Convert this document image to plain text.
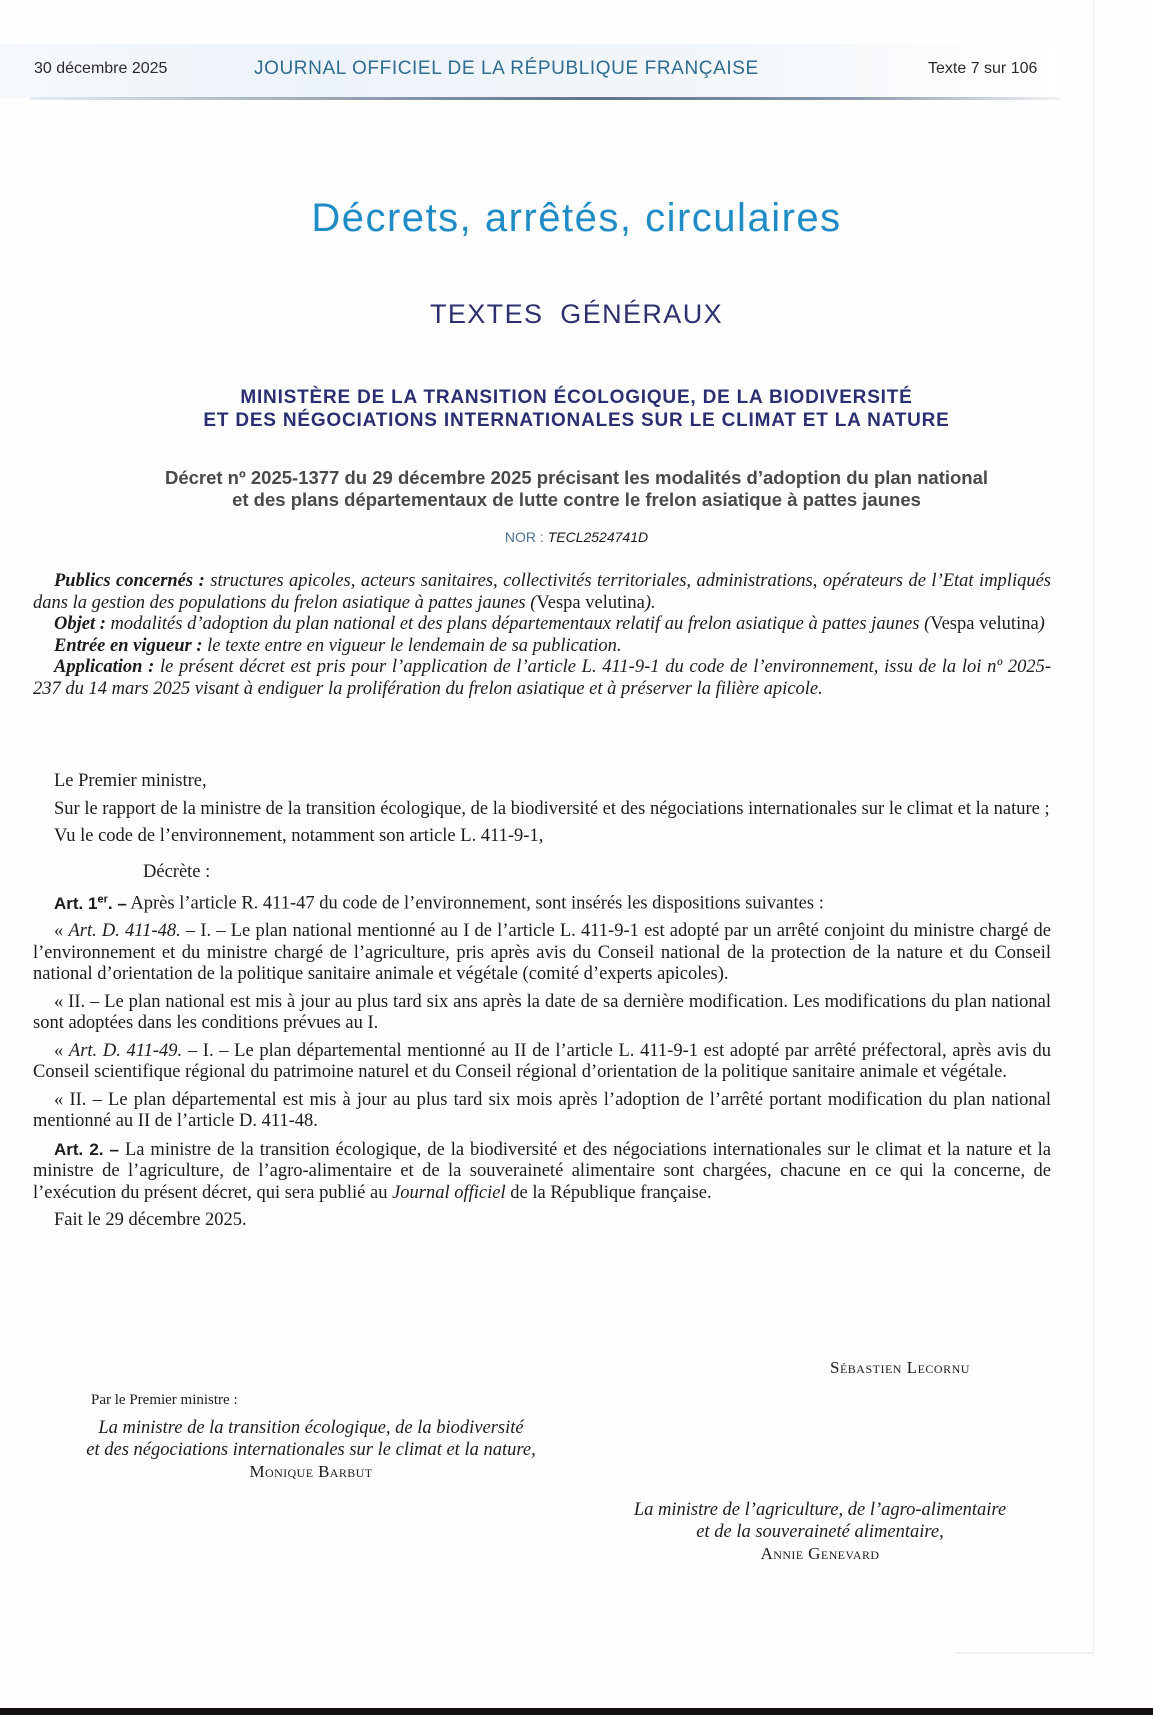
30 décembre 2025	JOURNAL OFFICIEL DE LA RÉPUBLIQUE FRANÇAISE	Texte 7 sur 106
Décrets, arrêtés, circulaires
TEXTES GÉNÉRAUX
MINISTÈRE DE LA TRANSITION ÉCOLOGIQUE, DE LA BIODIVERSITÉ
ET DES NÉGOCIATIONS INTERNATIONALES SUR LE CLIMAT ET LA NATURE
Décret nº 2025-1377 du 29 décembre 2025 précisant les modalités d’adoption du plan national
et des plans départementaux de lutte contre le frelon asiatique à pattes jaunes
NOR : TECL2524741D

Publics concernés : structures apicoles, acteurs sanitaires, collectivités territoriales, administrations, opérateurs de l’Etat impliqués dans la gestion des populations du frelon asiatique à pattes jaunes (Vespa velutina).

Objet : modalités d’adoption du plan national et des plans départementaux relatif au frelon asiatique à pattes jaunes (Vespa velutina)

Entrée en vigueur : le texte entre en vigueur le lendemain de sa publication.

Application : le présent décret est pris pour l’application de l’article L. 411-9-1 du code de l’environnement, issu de la loi nº 2025-237 du 14 mars 2025 visant à endiguer la prolifération du frelon asiatique et à préserver la filière apicole.

Le Premier ministre,

Sur le rapport de la ministre de la transition écologique, de la biodiversité et des négociations internationales sur le climat et la nature ;

Vu le code de l’environnement, notamment son article L. 411-9-1,

Décrète :

Art. 1er. – Après l’article R. 411-47 du code de l’environnement, sont insérés les dispositions suivantes :

« Art. D. 411-48. – I. – Le plan national mentionné au I de l’article L. 411-9-1 est adopté par un arrêté conjoint du ministre chargé de l’environnement et du ministre chargé de l’agriculture, pris après avis du Conseil national de la protection de la nature et du Conseil national d’orientation de la politique sanitaire animale et végétale (comité d’experts apicoles).

« II. – Le plan national est mis à jour au plus tard six ans après la date de sa dernière modification. Les modifications du plan national sont adoptées dans les conditions prévues au I.

« Art. D. 411-49. – I. – Le plan départemental mentionné au II de l’article L. 411-9-1 est adopté par arrêté préfectoral, après avis du Conseil scientifique régional du patrimoine naturel et du Conseil régional d’orientation de la politique sanitaire animale et végétale.

« II. – Le plan départemental est mis à jour au plus tard six mois après l’adoption de l’arrêté portant modification du plan national mentionné au II de l’article D. 411-48.

Art. 2. – La ministre de la transition écologique, de la biodiversité et des négociations internationales sur le climat et la nature et la ministre de l’agriculture, de l’agro-alimentaire et de la souveraineté alimentaire sont chargées, chacune en ce qui la concerne, de l’exécution du présent décret, qui sera publié au Journal officiel de la République française.

Fait le 29 décembre 2025.

Sébastien Lecornu
Par le Premier ministre :
La ministre de la transition écologique, de la biodiversité
et des négociations internationales sur le climat et la nature,
Monique Barbut
La ministre de l’agriculture, de l’agro-alimentaire
et de la souveraineté alimentaire,
Annie Genevard
